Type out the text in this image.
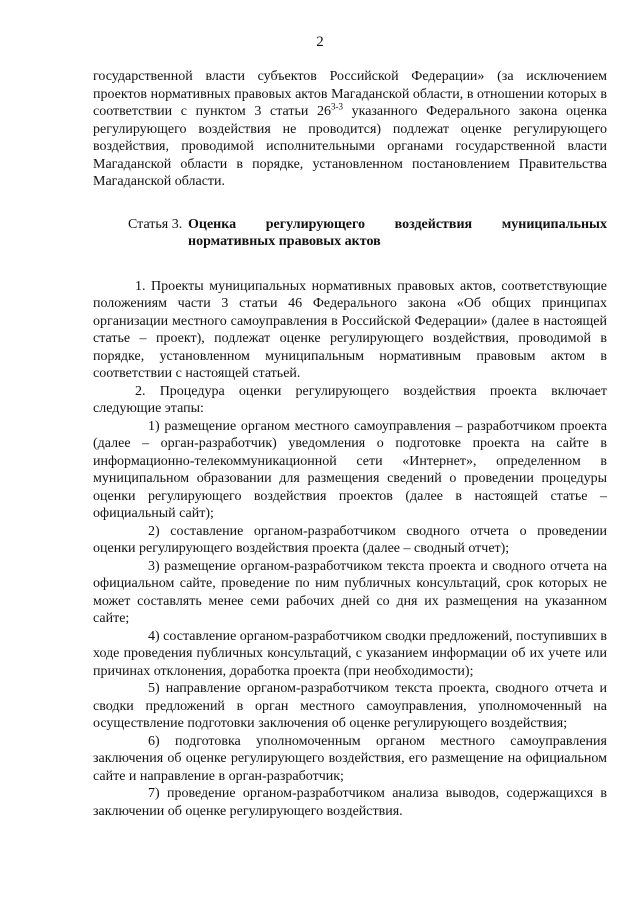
2

государственной власти субъектов Российской Федерации» (за исключением проектов нормативных правовых актов Магаданской области, в отношении которых в соответствии с пунктом 3 статьи 26$^{3-3}$ указанного Федерального закона оценка регулирующего воздействия не проводится) подлежат оценке регулирующего воздействия, проводимой исполнительными органами государственной власти Магаданской области в порядке, установленном постановлением Правительства Магаданской области.

Статья 3. Оценка регулирующего воздействия муниципальных нормативных правовых актов

1. Проекты муниципальных нормативных правовых актов, соответствующие положениям части 3 статьи 46 Федерального закона «Об общих принципах организации местного самоуправления в Российской Федерации» (далее в настоящей статье – проект), подлежат оценке регулирующего воздействия, проводимой в порядке, установленном муниципальным нормативным правовым актом в соответствии с настоящей статьей.

2. Процедура оценки регулирующего воздействия проекта включает следующие этапы:

1) размещение органом местного самоуправления – разработчиком проекта (далее – орган-разработчик) уведомления о подготовке проекта на сайте в информационно-телекоммуникационной сети «Интернет», определенном в муниципальном образовании для размещения сведений о проведении процедуры оценки регулирующего воздействия проектов (далее в настоящей статье – официальный сайт);

2) составление органом-разработчиком сводного отчета о проведении оценки регулирующего воздействия проекта (далее – сводный отчет);

3) размещение органом-разработчиком текста проекта и сводного отчета на официальном сайте, проведение по ним публичных консультаций, срок которых не может составлять менее семи рабочих дней со дня их размещения на указанном сайте;

4) составление органом-разработчиком сводки предложений, поступивших в ходе проведения публичных консультаций, с указанием информации об их учете или причинах отклонения, доработка проекта (при необходимости);

5) направление органом-разработчиком текста проекта, сводного отчета и сводки предложений в орган местного самоуправления, уполномоченный на осуществление подготовки заключения об оценке регулирующего воздействия;

6) подготовка уполномоченным органом местного самоуправления заключения об оценке регулирующего воздействия, его размещение на официальном сайте и направление в орган-разработчик;

7) проведение органом-разработчиком анализа выводов, содержащихся в заключении об оценке регулирующего воздействия.
